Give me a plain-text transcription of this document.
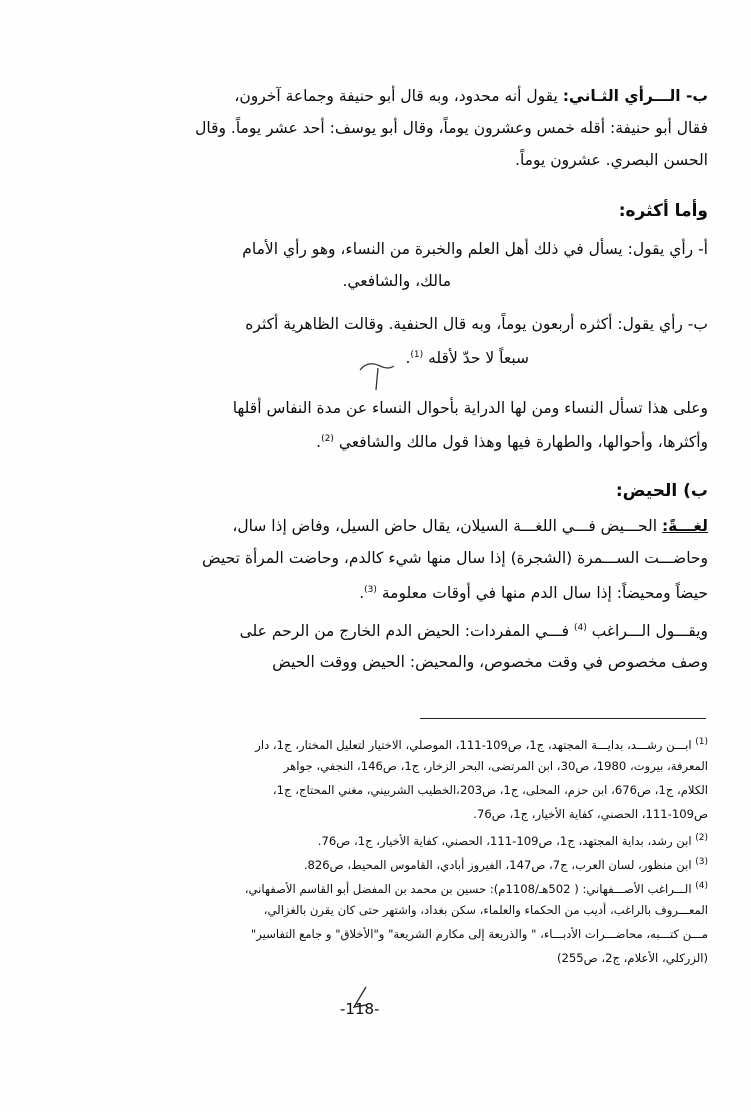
ب- الـــرأي الثـاني: يقول أنه محدود، وبه قال أبو حنيفة وجماعة آخرون،
فقال أبو حنيفة: أقله خمس وعشرون يوماً، وقال أبو يوسف: أحد عشر يوماً. وقال
الحسن البصري. عشرون يوماً.
وأما أكثره:
أ- رأي يقول: يسأل في ذلك أهل العلم والخبرة من النساء، وهو رأي الأمام
مالك، والشافعي.
ب- رأي يقول: أكثره أربعون يوماً، وبه قال الحنفية. وقالت الظاهرية أكثره
سبعاً لا حدّ لأقله $^{(1)}$.
وعلى هذا تسأل النساء ومن لها الدراية بأحوال النساء عن مدة النفاس أقلها
وأكثرها، وأحوالها، والطهارة فيها وهذا قول مالك والشافعي $^{(2)}$.
ب) الحيض:
لغـــةً: الحـــيض فـــي اللغـــة السيلان، يقال حاض السيل، وفاض إذا سال،
وحاضـــت الســـمرة (الشجرة) إذا سال منها شيء كالدم، وحاضت المرأة تحيض
حيضاً ومحيضاً: إذا سال الدم منها في أوقات معلومة $^{(3)}$.
ويقـــول الـــراغب $^{(4)}$ فـــي المفردات: الحيض الدم الخارج من الرحم على
وصف مخصوص في وقت مخصوص، والمحيض: الحيض ووقت الحيض
$^{(1)}$ ابـــن رشـــد، بدايـــة المجتهد، ج1، ص109-111، الموصلي، الاختيار لتعليل المختار، ج1، دار
المعرفة، بيروت، 1980، ص30، ابن المرتضى، البحر الزخار، ج1، ص146، النجفي، جواهر
الكلام، ج1، ص676، ابن حزم، المحلى، ج1، ص203،الخطيب الشربيني، مغني المحتاج، ج1،
ص109-111، الحصني، كفاية الأخيار، ج1، ص76.
$^{(2)}$ ابن رشد، بداية المجتهد، ج1، ص109-111، الحصني، كفاية الأخيار، ج1، ص76.
$^{(3)}$ ابن منظور، لسان العرب، ج7، ص147، الفيروز أبادي، القاموس المحيط، ص826.
$^{(4)}$ الـــراغب الأصـــفهاني: ( 502هـ/1108م): حسين بن محمد بن المفضل أبو القاسم الأصفهاني،
المعـــروف بالراغب، أديب من الحكماء والعلماء، سكن بغداد، واشتهر حتى كان يقرن بالغزالي،
مـــن كتـــبه، محاضـــرات الأدبـــاء، " والذريعة إلى مكارم الشريعة" و"الأخلاق" و جامع التفاسير"
(الزركلي، الأعلام، ج2، ص255)
-118-
